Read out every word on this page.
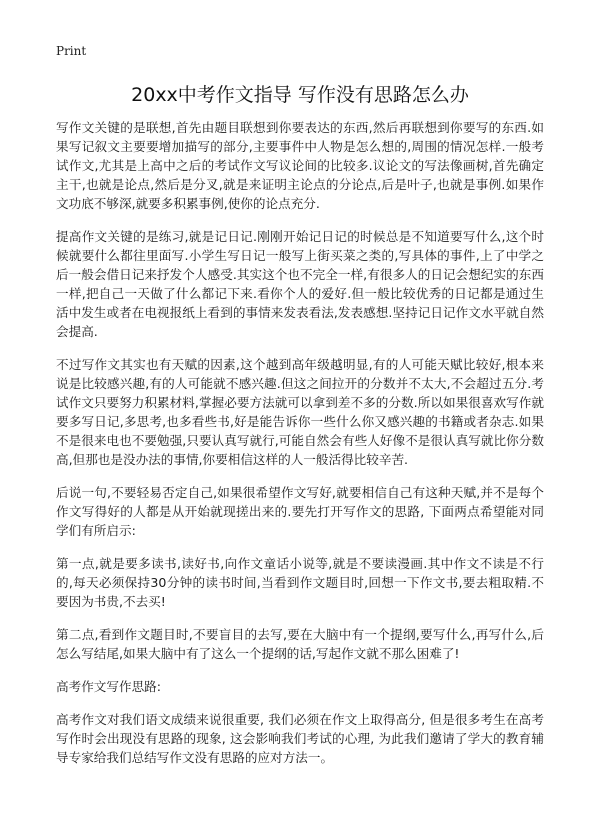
Print
20xx中考作文指导 写作没有思路怎么办

写作文关键的是联想,首先由题目联想到你要表达的东西,然后再联想到你要写的东西.如果写记叙文主要要增加描写的部分,主要事件中人物是怎么想的,周围的情况怎样.一般考试作文,尤其是上高中之后的考试作文写议论间的比较多.议论文的写法像画树,首先确定主干,也就是论点,然后是分叉,就是来证明主论点的分论点,后是叶子,也就是事例.如果作文功底不够深,就要多积累事例,使你的论点充分.

提高作文关键的是练习,就是记日记.刚刚开始记日记的时候总是不知道要写什么,这个时候就要什么都往里面写.小学生写日记一般写上街买菜之类的,写具体的事件,上了中学之后一般会借日记来抒发个人感受.其实这个也不完全一样,有很多人的日记会想纪实的东西一样,把自己一天做了什么都记下来.看你个人的爱好.但一般比较优秀的日记都是通过生活中发生或者在电视报纸上看到的事情来发表看法,发表感想.坚持记日记作文水平就自然会提高.

不过写作文其实也有天赋的因素,这个越到高年级越明显,有的人可能天赋比较好,根本来说是比较感兴趣,有的人可能就不感兴趣.但这之间拉开的分数并不太大,不会超过五分.考试作文只要努力积累材料,掌握必要方法就可以拿到差不多的分数.所以如果很喜欢写作就要多写日记,多思考,也多看些书,好是能告诉你一些什么你又感兴趣的书籍或者杂志.如果不是很来电也不要勉强,只要认真写就行,可能自然会有些人好像不是很认真写就比你分数高,但那也是没办法的事情,你要相信这样的人一般活得比较辛苦.

后说一句,不要轻易否定自己,如果很希望作文写好,就要相信自己有这种天赋,并不是每个作文写得好的人都是从开始就现搓出来的.要先打开写作文的思路, 下面两点希望能对同学们有所启示:

第一点,就是要多读书,读好书,向作文童话小说等,就是不要读漫画.其中作文不读是不行的,每天必须保持30分钟的读书时间,当看到作文题目时,回想一下作文书,要去粗取精.不要因为书贵,不去买!

第二点,看到作文题目时,不要盲目的去写,要在大脑中有一个提纲,要写什么,再写什么,后怎么写结尾,如果大脑中有了这么一个提纲的话,写起作文就不那么困难了!

高考作文写作思路:

高考作文对我们语文成绩来说很重要, 我们必须在作文上取得高分, 但是很多考生在高考写作时会出现没有思路的现象, 这会影响我们考试的心理, 为此我们邀请了学大的教育辅导专家给我们总结写作文没有思路的应对方法一。
